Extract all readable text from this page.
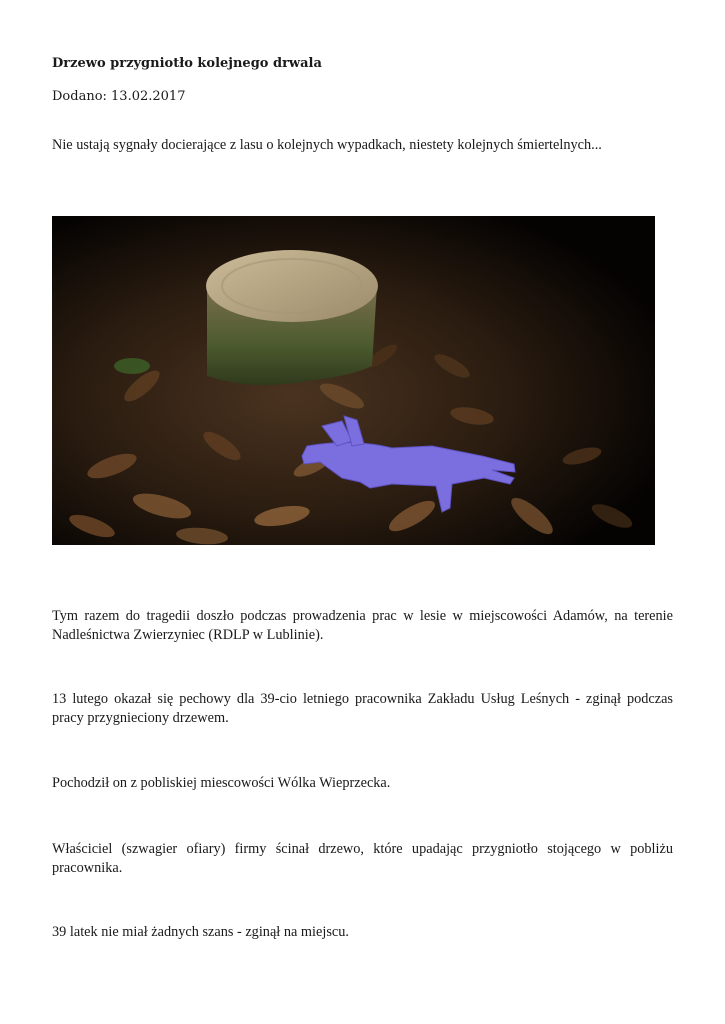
Drzewo przygniotło kolejnego drwala
Dodano: 13.02.2017
Nie ustają sygnały docierające z lasu o kolejnych wypadkach, niestety kolejnych śmiertelnych...
Tym razem do tragedii doszło podczas prowadzenia prac w lesie w miejscowości Adamów, na terenie Nadleśnictwa Zwierzyniec (RDLP w Lublinie).
13 lutego okazał się pechowy dla 39-cio letniego pracownika Zakładu Usług Leśnych - zginął podczas pracy przygnieciony drzewem.
Pochodził on z pobliskiej miescowości Wólka Wieprzecka.
Właściciel (szwagier ofiary) firmy ścinał drzewo, które upadając przygniotło stojącego w pobliżu pracownika.
39 latek nie miał żadnych szans - zginął na miejscu.
